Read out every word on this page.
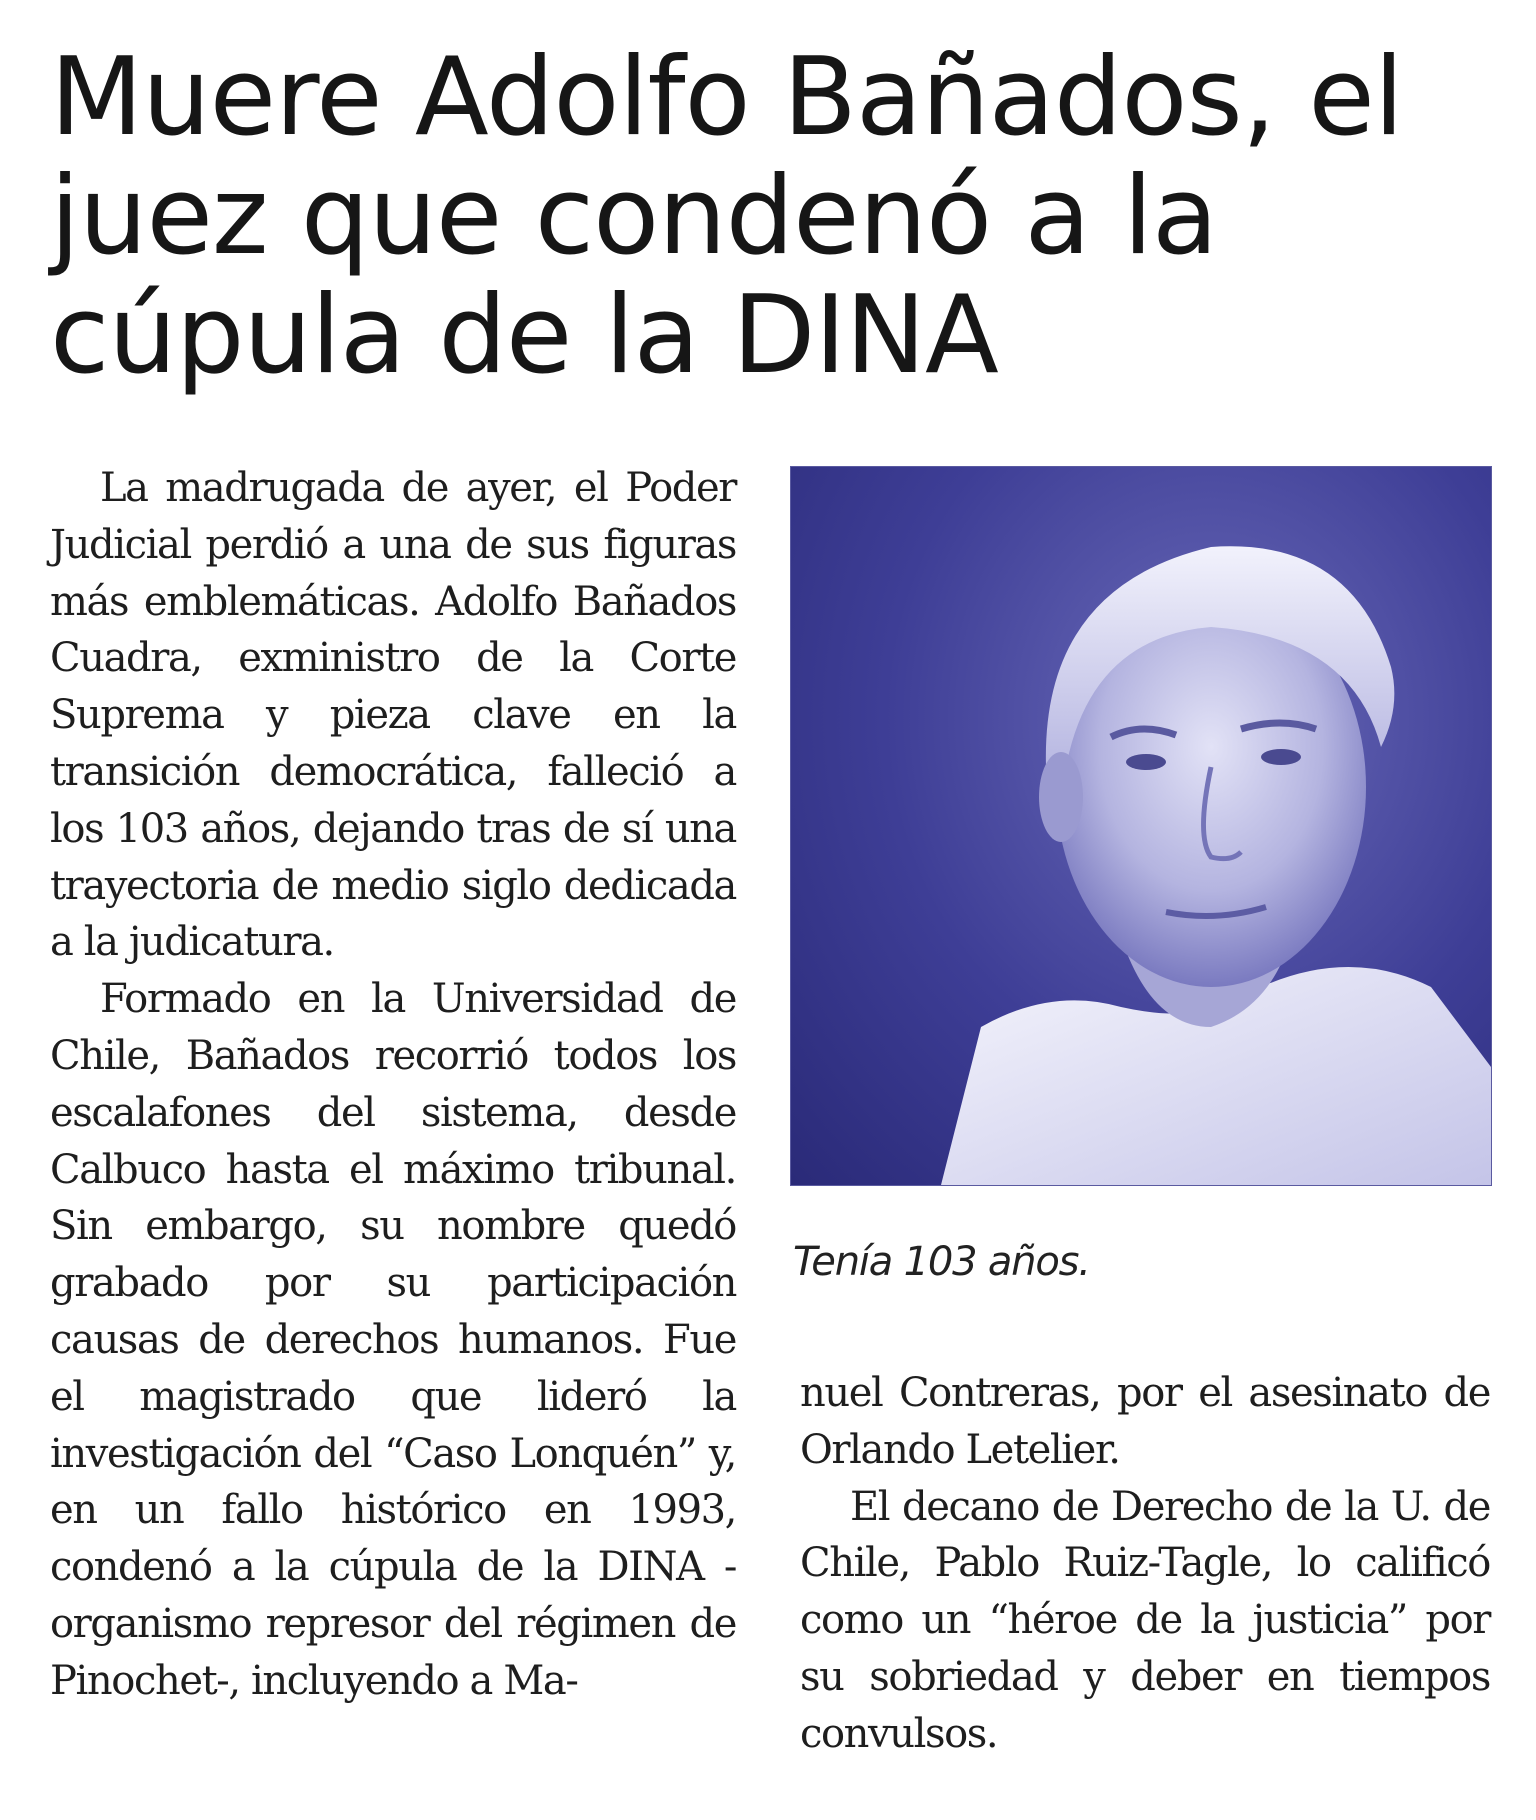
Muere Adolfo Bañados, el juez que condenó a la cúpula de la DINA

La madrugada de ayer, el Poder Judicial perdió a una de sus figuras más emblemáticas. Adolfo Bañados Cuadra, exministro de la Corte Suprema y pieza clave en la transición democrática, falleció a los 103 años, dejando tras de sí una trayectoria de medio siglo dedicada a la judicatura.

Formado en la Universidad de Chile, Bañados recorrió todos los escalafones del sistema, desde Calbuco hasta el máximo tribunal. Sin embargo, su nombre quedó grabado por su participación causas de derechos humanos. Fue el magistrado que lideró la investigación del “Caso Lonquén” y, en un fallo histórico en 1993, condenó a la cúpula de la DINA - organismo represor del régimen de Pinochet-, incluyendo a Ma-

Tenía 103 años.

nuel Contreras, por el asesinato de Orlando Letelier.

El decano de Derecho de la U. de Chile, Pablo Ruiz-Tagle, lo calificó como un “héroe de la justicia” por su sobriedad y deber en tiempos convulsos.
